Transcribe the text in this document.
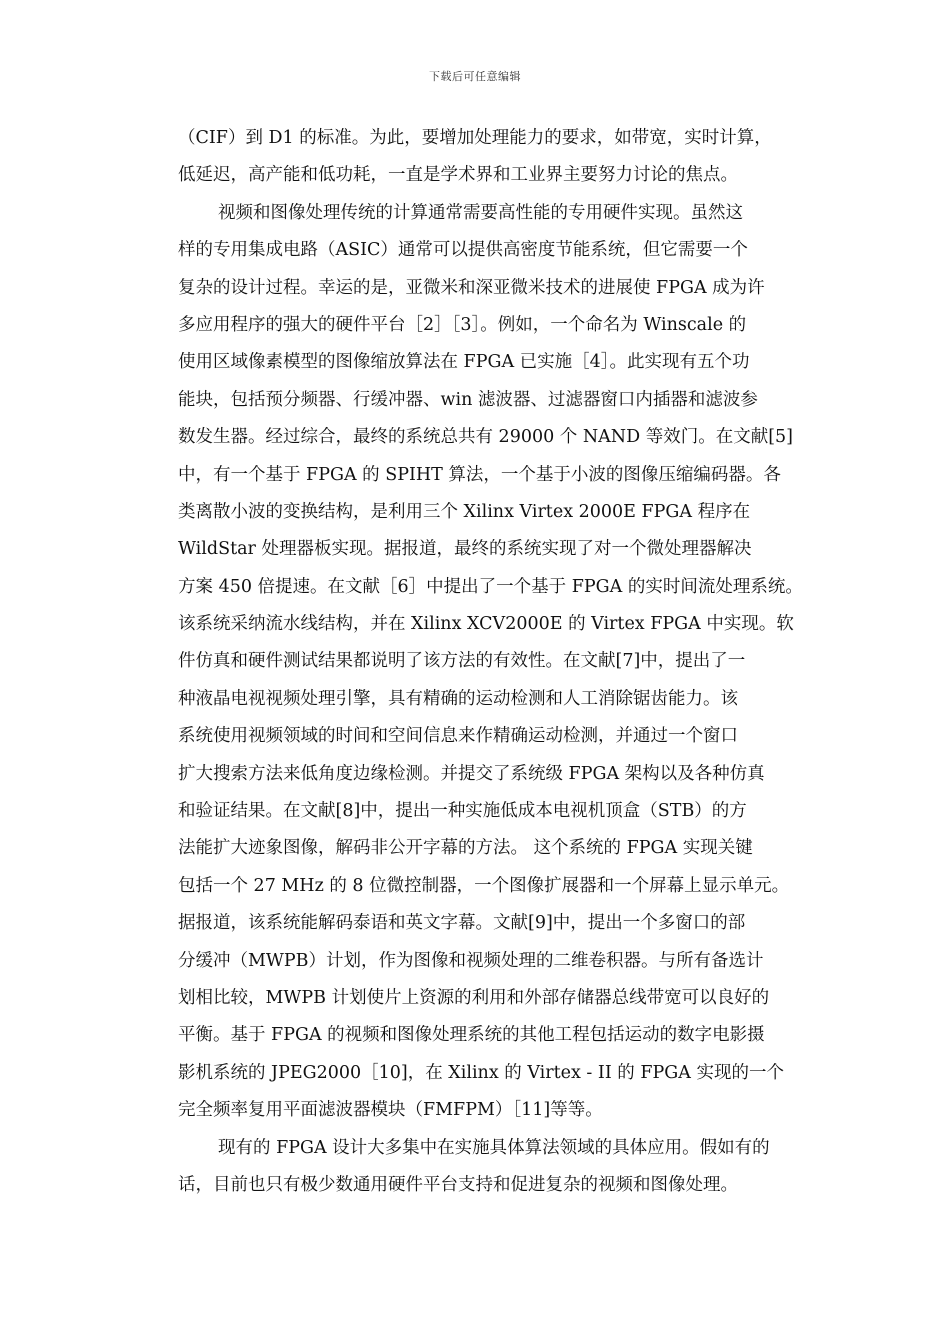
下载后可任意编辑
（CIF）到 D1 的标准。为此，要增加处理能力的要求，如带宽，实时计算，
低延迟，高产能和低功耗，一直是学术界和工业界主要努力讨论的焦点。
视频和图像处理传统的计算通常需要高性能的专用硬件实现。虽然这
样的专用集成电路（ASIC）通常可以提供高密度节能系统，但它需要一个
复杂的设计过程。幸运的是，亚微米和深亚微米技术的进展使 FPGA 成为许
多应用程序的强大的硬件平台［2］［3］。例如，一个命名为 Winscale 的
使用区域像素模型的图像缩放算法在 FPGA 已实施［4］。此实现有五个功
能块，包括预分频器、行缓冲器、win 滤波器、过滤器窗口内插器和滤波参
数发生器。经过综合，最终的系统总共有 29000 个 NAND 等效门。在文献[5]
中，有一个基于 FPGA 的 SPIHT 算法，一个基于小波的图像压缩编码器。各
类离散小波的变换结构，是利用三个 Xilinx Virtex 2000E FPGA 程序在
WildStar 处理器板实现。据报道，最终的系统实现了对一个微处理器解决
方案 450 倍提速。在文献［6］中提出了一个基于 FPGA 的实时间流处理系统。
该系统采纳流水线结构，并在 Xilinx XCV2000E 的 Virtex FPGA 中实现。软
件仿真和硬件测试结果都说明了该方法的有效性。在文献[7]中，提出了一
种液晶电视视频处理引擎，具有精确的运动检测和人工消除锯齿能力。该
系统使用视频领域的时间和空间信息来作精确运动检测，并通过一个窗口
扩大搜索方法来低角度边缘检测。并提交了系统级 FPGA 架构以及各种仿真
和验证结果。在文献[8]中，提出一种实施低成本电视机顶盒（STB）的方
法能扩大迹象图像，解码非公开字幕的方法。 这个系统的 FPGA 实现关键
包括一个 27 MHz 的 8 位微控制器，一个图像扩展器和一个屏幕上显示单元。
据报道，该系统能解码泰语和英文字幕。文献[9]中，提出一个多窗口的部
分缓冲（MWPB）计划，作为图像和视频处理的二维卷积器。与所有备选计
划相比较，MWPB 计划使片上资源的利用和外部存储器总线带宽可以良好的
平衡。基于 FPGA 的视频和图像处理系统的其他工程包括运动的数字电影摄
影机系统的 JPEG2000［10]，在 Xilinx 的 Virtex - II 的 FPGA 实现的一个
完全频率复用平面滤波器模块（FMFPM）［11]等等。
现有的 FPGA 设计大多集中在实施具体算法领域的具体应用。假如有的
话，目前也只有极少数通用硬件平台支持和促进复杂的视频和图像处理。
